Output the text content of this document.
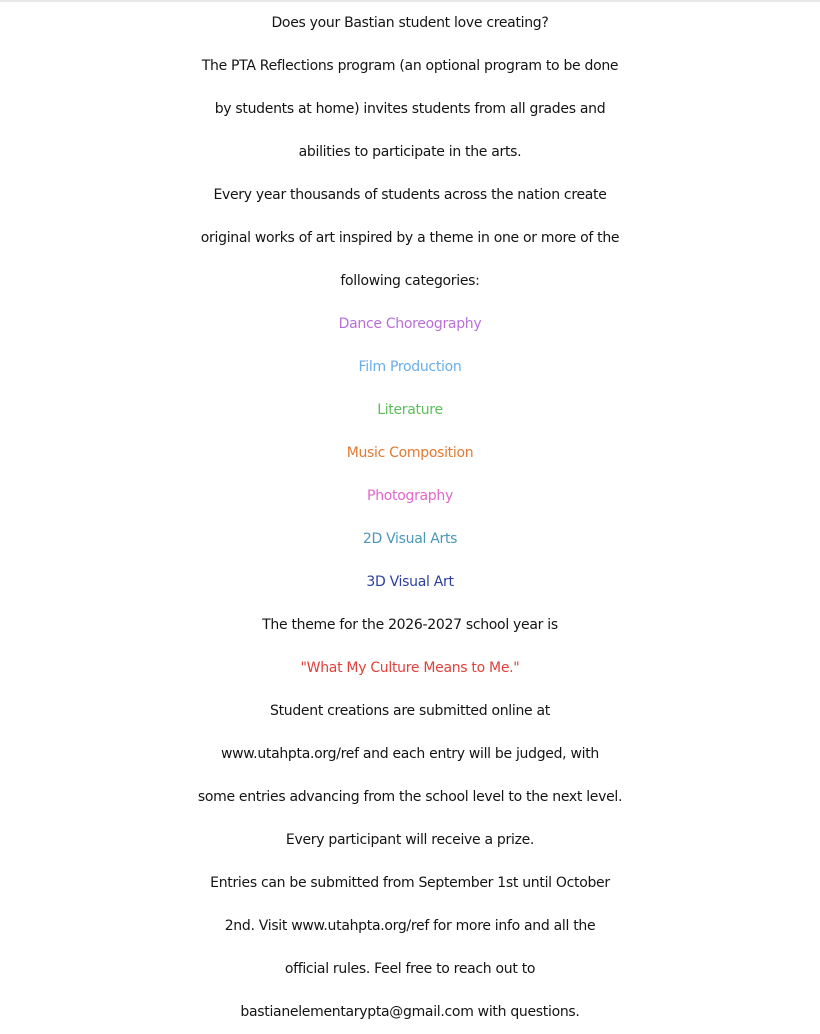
Does your Bastian student love creating?
The PTA Reflections program (an optional program to be done
by students at home) invites students from all grades and
abilities to participate in the arts.
Every year thousands of students across the nation create
original works of art inspired by a theme in one or more of the
following categories:
Dance Choreography
Film Production
Literature
Music Composition
Photography
2D Visual Arts
3D Visual Art
The theme for the 2026-2027 school year is
"What My Culture Means to Me."
Student creations are submitted online at
www.utahpta.org/ref and each entry will be judged, with
some entries advancing from the school level to the next level.
Every participant will receive a prize.
Entries can be submitted from September 1st until October
2nd. Visit www.utahpta.org/ref for more info and all the
official rules. Feel free to reach out to
bastianelementarypta@gmail.com with questions.
